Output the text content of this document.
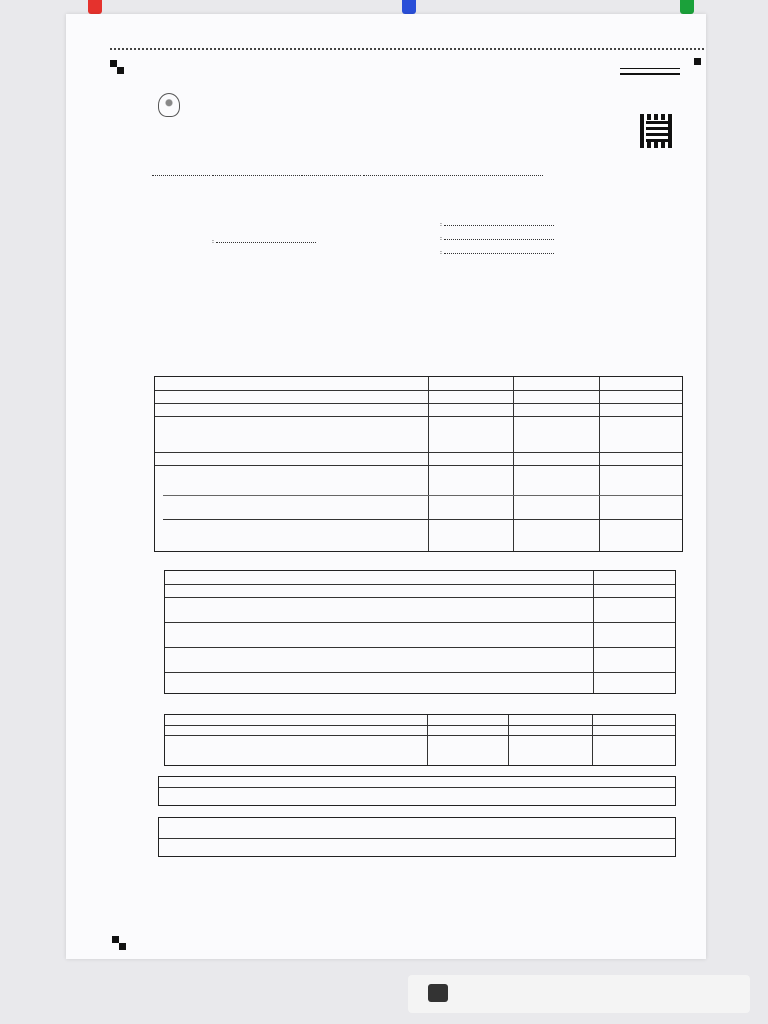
:
:
:
:
